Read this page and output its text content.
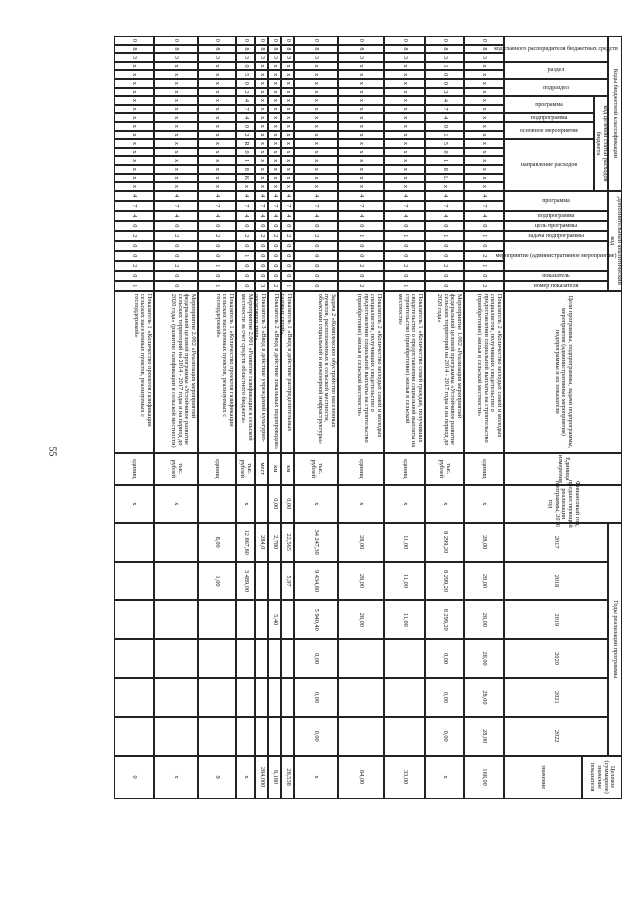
55
Коды бюджетной классификации
Дополнительный аналитический код
Цели программы, подпрограммы, задачи подпрограммы, мероприятия (административные мероприятия) подпрограммы и их показатели
Единица измерения
Финансовый год, предшествующий реализации программы, 2016 год
Годы реализации программы
Целевое (суммарное) значение показателя
значение
код главного распорядителя бюджетных средств
раздел
подраздел
код целевой статьи расходов бюджета
программа
подпрограмма
основное мероприятие
направление расходов
программа
подпрограмма
цель программы
задача подпрограммы
мероприятие (административное мероприятие)
показатель
номер показателя
2017
2018
2019
2020
2021
2022
0
8
3
x
x
x
x
x
x
x
x
x
x
x
x
x
x
x
4
7
4
0
1
0
2
1
0
2
Показатель 2 «Количество молодых семей и молодых специалистов, получивших свидетельство о предоставлении социальной выплаты на строительство (приобретение) жилья в сельской местности»
единиц
x
28,00
28,00
28,00
28,00
28,00
28,00
168,00
0
8
3
1
0
0
3
4
7
4
0
1
5
0
1
8
L
x
4
7
4
0
1
0
0
2
0
0
Мероприятие 1.002 «Реализация мероприятий федеральной целевой программы «Устойчивое развитие сельских территорий на 2014 - 2017 годы и на период до 2020 года»
тыс. рублей
x
8 299,20
8 299,20
8 299,20
0,00
0,00
0,00
x
0
8
3
x
x
x
x
x
x
x
x
x
x
x
x
x
x
x
4
7
4
0
1
0
0
2
0
1
Показатель 1 «Количество семей граждан, получивших свидетельство о предоставлении социальной выплаты на строительство (приобретение) жилья в сельской местности»
единиц
x
11,00
11,00
11,00
33,00
0
8
3
x
x
x
x
x
x
x
x
x
x
x
x
x
x
x
4
7
4
0
1
0
0
2
0
2
Показатель 2 «Количество молодых семей и молодых специалистов, получивших свидетельство о предоставлении социальной выплаты на строительство (приобретение) жилья в сельской местности»
единиц
x
28,00
28,00
28,00
84,00
0
8
3
x
x
x
x
x
x
x
x
x
x
x
x
x
x
x
4
7
4
0
2
0
0
0
0
0
Задача 2 «Комплексное обустройство населенных пунктов, расположенных в сельской местности, объектами социальной и инженерной инфраструктуры»
тыс. рублей
x
34 247,30
9 434,80
5 940,40
0,00
0,00
0,00
x
0
8
3
x
x
x
x
x
x
x
x
x
x
x
x
x
x
x
4
7
4
0
2
0
0
0
0
1
Показатель 1 «Ввод в действие распределительных газовых сетей»
км
0,00
22,565
5,97
28,538
0
8
3
x
x
x
x
x
x
x
x
x
x
x
x
x
x
x
4
7
4
0
2
0
0
0
0
2
Показатель 2 «Ввод в действие локальных водопроводов»
км
0,00
2,780
5,40
8,180
0
8
3
x
x
x
x
x
x
x
x
x
x
x
x
x
x
x
4
7
4
0
2
0
0
0
0
3
Показатель 3 «Ввод в действие учреждений культурно-досугового типа»
мест
284,0
284,000
0
8
3
0
5
0
2
4
7
4
0
2
R
0
1
8
K
x
4
7
4
0
2
0
1
0
0
0
Мероприятие 2.001 «Развитие газификации в сельской местности за счет средств областного бюджета»
тыс. рублей
x
12 867,80
3 489,00
x
0
8
3
x
x
x
x
x
x
x
x
x
x
x
x
x
x
x
4
7
4
0
2
0
0
1
0
1
Показатель 1 «Количество проектов газификации сельских населенных пунктов, реализуемых с господдержкой»
единиц
8,00
1,00
9
0
8
3
x
x
x
x
x
x
x
x
x
x
x
x
x
x
x
4
7
4
0
2
0
0
2
0
0
Мероприятие 2.002 «Реализация мероприятий федеральной целевой программы «Устойчивое развитие сельских территорий на 2014 - 2017 годы и на период до 2020 года» (развитие газификации в сельской местности)
тыс. рублей
x
x
0
8
3
x
x
x
x
x
x
x
x
x
x
x
x
x
x
x
4
7
4
0
2
0
0
2
0
1
Показатель 1 «Количество проектов газификации сельских населенных пунктов, реализуемых с господдержкой»
единиц
x
0
